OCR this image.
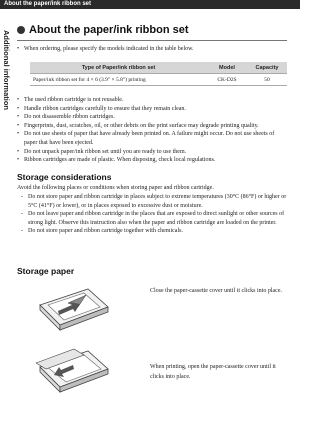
About the paper/ink ribbon set
Additional information About the paper/ink ribbon set
• When ordering, please specify the models indicated in the table below.
Type of Paper/ink ribbon set	Model	Capacity
Paper/ink ribbon set for 4 × 6 (3.9" × 5.8") printing	CK-D2S	50
• The used ribbon cartridge is not reusable.
• Handle ribbon cartridges carefully to ensure that they remain clean.
• Do not disassemble ribbon cartridges.
• Fingerprints, dust, scratches, oil, or other debris on the print surface may degrade printing quality.
• Do not use sheets of paper that have already been printed on. A failure might occur. Do not use sheets of paper that have been ejected.
• Do not unpack paper/ink ribbon set until you are ready to use them.
• Ribbon cartridges are made of plastic. When disposing, check local regulations.
Storage considerations

Avoid the following places or conditions when storing paper and ribbon cartridge.

- Do not store paper and ribbon cartridge in places subject to extreme temperatures (30°C (86°F) or higher or 5°C (41°F) or lower), or in places exposed to excessive dust or moisture.
- Do not leave paper and ribbon cartridge in the places that are exposed to direct sunlight or other sources of strong light. Observe this instruction also when the paper and ribbon cartridge are loaded on the printer.
- Do not store paper and ribbon cartridge together with chemicals.
Storage paper
Close the paper-cassette cover until it clicks into place.
When printing, open the paper-cassette cover until it clicks into place.
